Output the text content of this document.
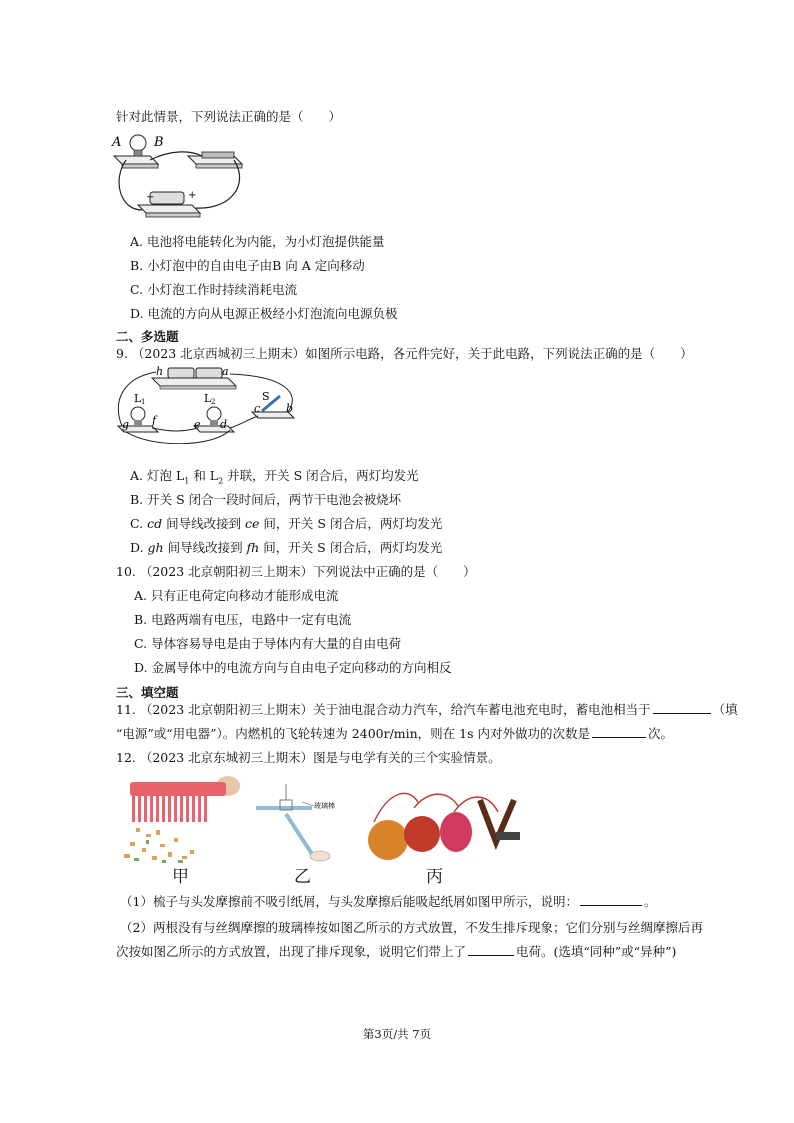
针对此情景，下列说法正确的是（　　）
A	B
−	+
A. 电池将电能转化为内能，为小灯泡提供能量
B. 小灯泡中的自由电子由B 向 A 定向移动
C. 小灯泡工作时持续消耗电流
D. 电流的方向从电源正极经小灯泡流向电源负极
二、多选题
9. （2023 北京西城初三上期末）如图所示电路，各元件完好，关于此电路，下列说法正确的是（　　）
h	a
S
c b
L 1	L 2
g f	e d
A. 灯泡 $L_1$ 和 $L_2$ 并联，开关 S 闭合后，两灯均发光
B. 开关 S 闭合一段时间后，两节干电池会被烧坏
C. cd 间导线改接到 ce 间，开关 S 闭合后，两灯均发光
D. gh 间导线改接到 fh 间，开关 S 闭合后，两灯均发光
10. （2023 北京朝阳初三上期末）下列说法中正确的是（　　）
A. 只有正电荷定向移动才能形成电流
B. 电路两端有电压，电路中一定有电流
C. 导体容易导电是由于导体内有大量的自由电荷
D. 金属导体中的电流方向与自由电子定向移动的方向相反
三、填空题
11. （2023 北京朝阳初三上期末）关于油电混合动力汽车，给汽车蓄电池充电时，蓄电池相当于	（填
“电源”或“用电器”）。内燃机的飞轮转速为 2400r/min，则在 1s 内对外做功的次数是	次。
12. （2023 北京东城初三上期末）图是与电学有关的三个实验情景。
玻璃棒
甲	乙	丙
（1）梳子与头发摩擦前不吸引纸屑，与头发摩擦后能吸起纸屑如图甲所示，说明：	。
（2）两根没有与丝绸摩擦的玻璃棒按如图乙所示的方式放置，不发生排斥现象；它们分别与丝绸摩擦后再
次按如图乙所示的方式放置，出现了排斥现象，说明它们带上了	电荷。(选填“同种”或“异种”)
第3页/共 7页
